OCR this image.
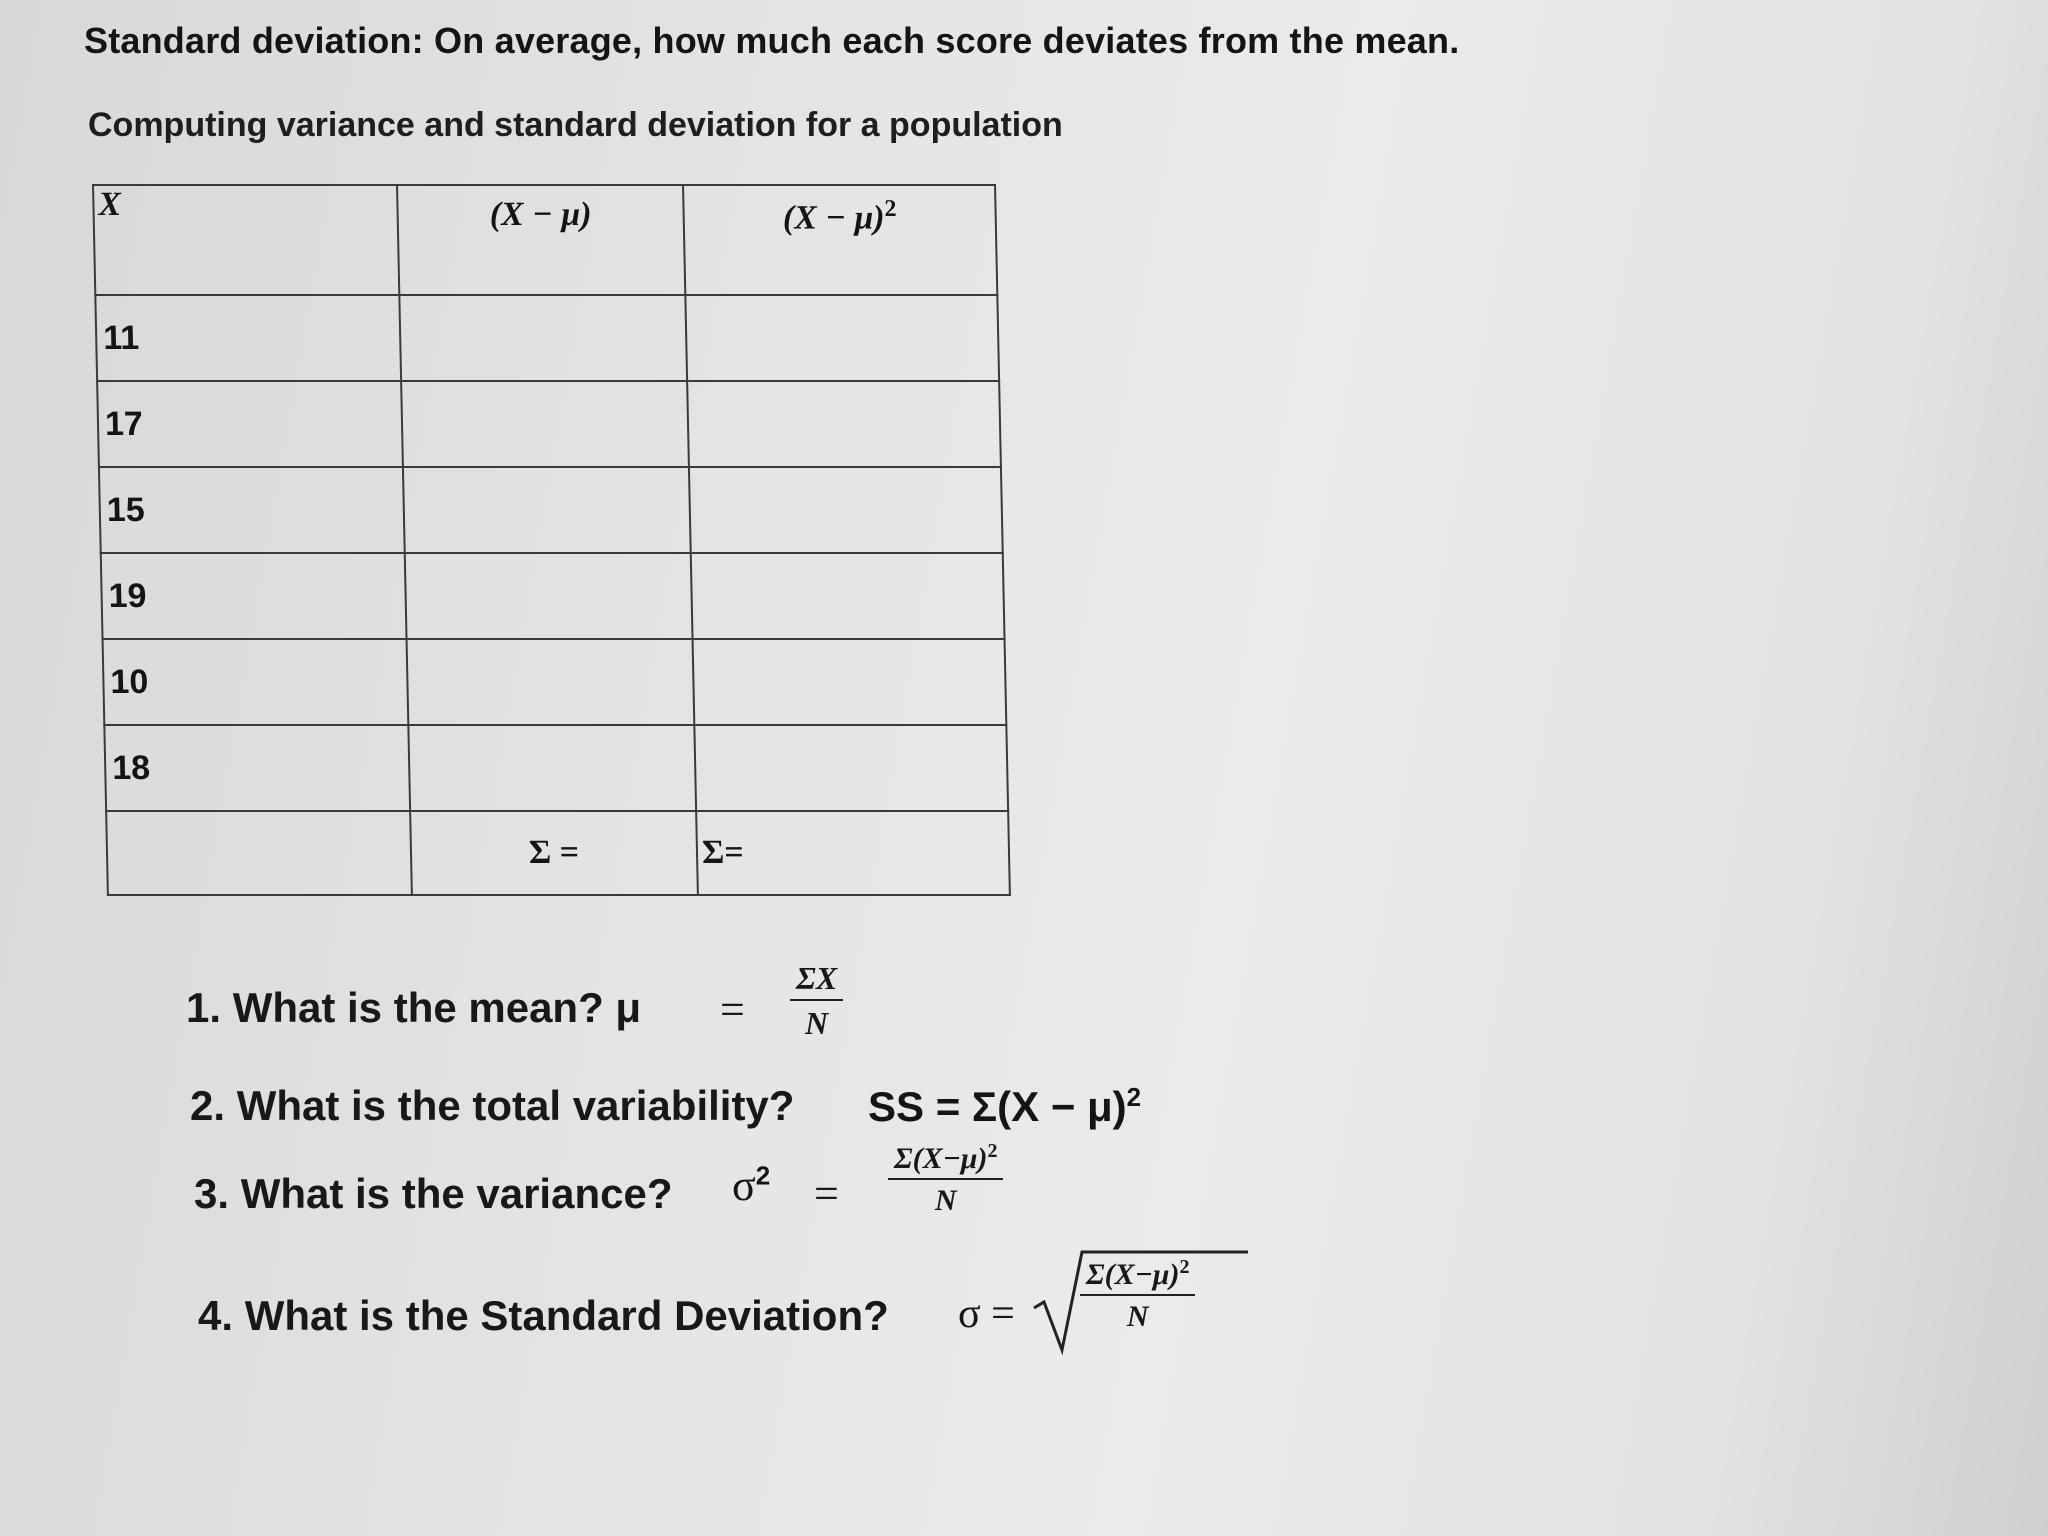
Standard deviation: On average, how much each score deviates from the mean.
Computing variance and standard deviation for a population
X	(X − μ)	$(X - \mu)^2$
11		
17		
15		
19		
10		
18		
	Σ =	Σ=
1. What is the mean? $\mu = \frac{\Sigma X}{N}$
2. What is the total variability? SS = $\Sigma(X - \mu)^2$
3. What is the variance? $\sigma^2 = \frac{\Sigma(X-\mu)^2}{N}$
4. What is the Standard Deviation? $\sigma = \frac{\Sigma(X-\mu)^2}{N}$
